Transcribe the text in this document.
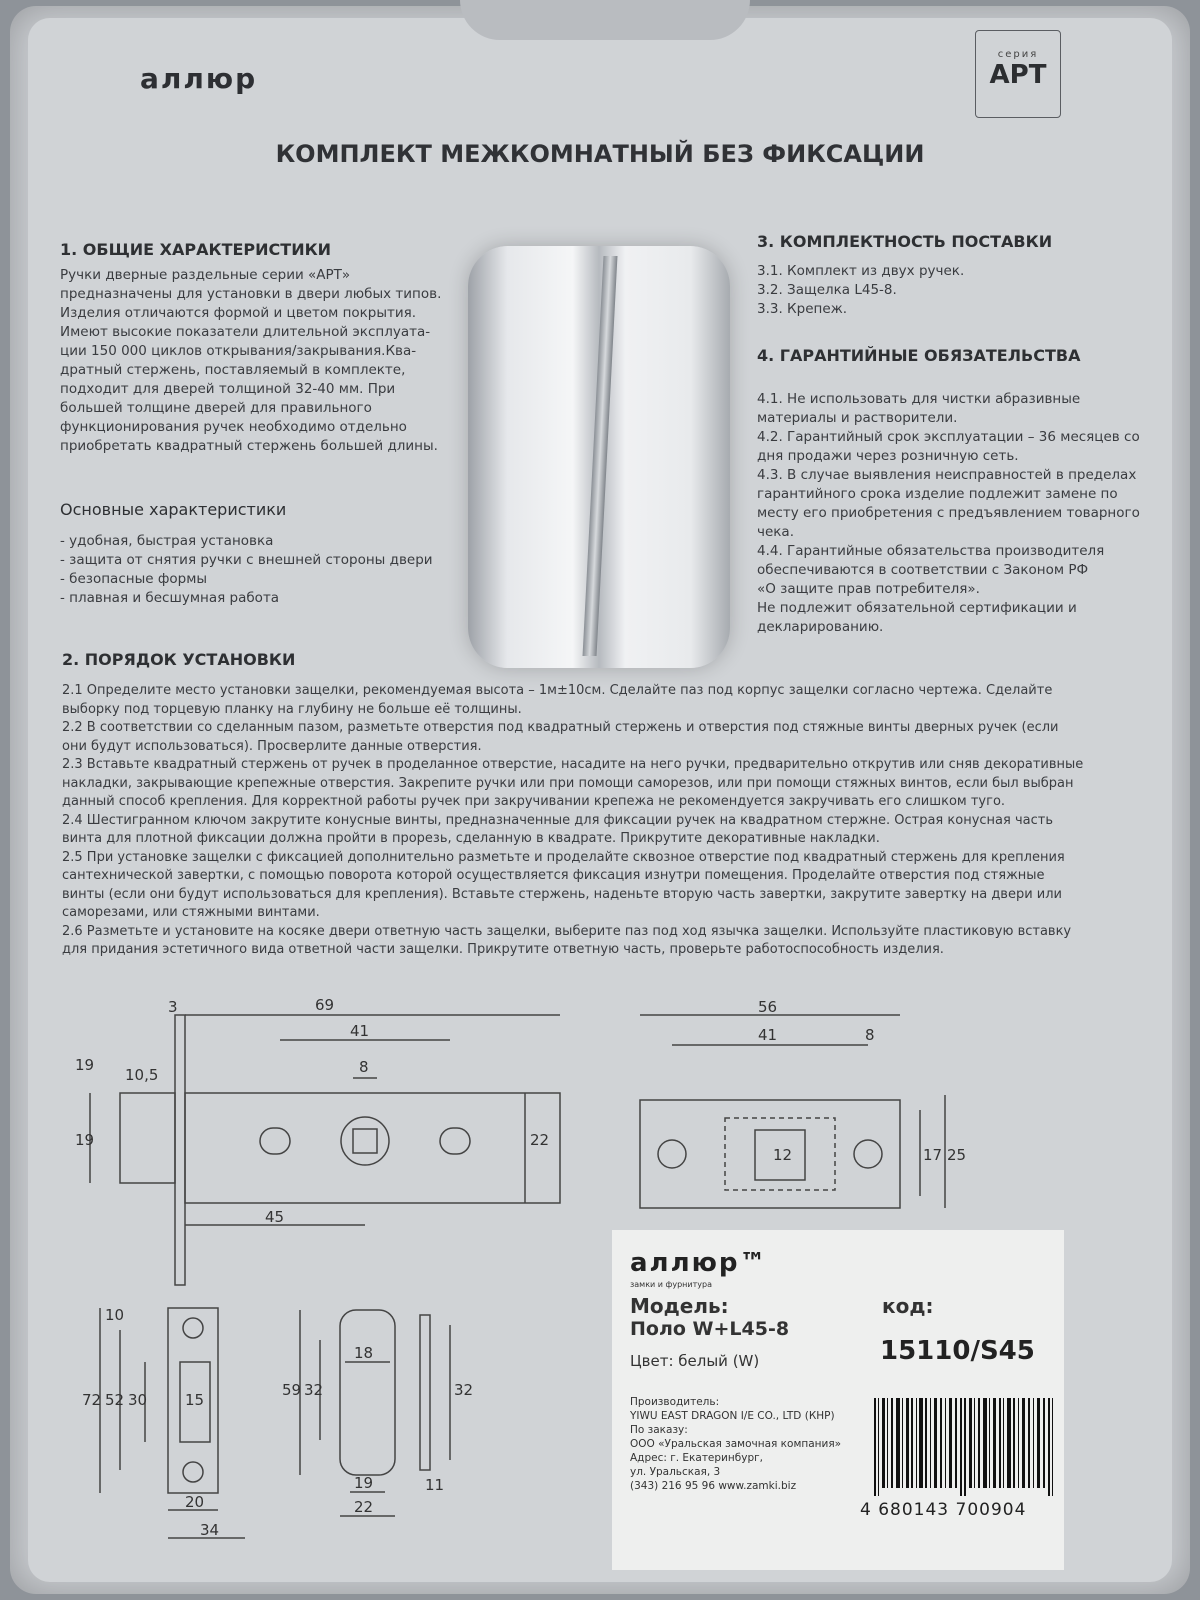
аллюр
серия
АРТ
КОМПЛЕКТ МЕЖКОМНАТНЫЙ БЕЗ ФИКСАЦИИ
1. ОБЩИЕ ХАРАКТЕРИСТИКИ
Ручки дверные раздельные серии «АРТ»
предназначены для установки в двери любых типов.
Изделия отличаются формой и цветом покрытия.
Имеют высокие показатели длительной эксплуата-
ции 150 000 циклов открывания/закрывания.Ква-
дратный стержень, поставляемый в комплекте,
подходит для дверей толщиной 32-40 мм. При
большей толщине дверей для правильного
функционирования ручек необходимо отдельно
приобретать квадратный стержень большей длины.
Основные характеристики
- удобная, быстрая установка
- защита от снятия ручки с внешней стороны двери
- безопасные формы
- плавная и бесшумная работа
3. КОМПЛЕКТНОСТЬ ПОСТАВКИ
3.1. Комплект из двух ручек.
3.2. Защелка L45-8.
3.3. Крепеж.
4. ГАРАНТИЙНЫЕ ОБЯЗАТЕЛЬСТВА
4.1. Не использовать для чистки абразивные
материалы и растворители.
4.2. Гарантийный срок эксплуатации – 36 месяцев со
дня продажи через розничную сеть.
4.3. В случае выявления неисправностей в пределах
гарантийного срока изделие подлежит замене по
месту его приобретения с предъявлением товарного
чека.
4.4. Гарантийные обязательства производителя
обеспечиваются в соответствии с Законом РФ
«О защите прав потребителя».
Не подлежит обязательной сертификации и
декларированию.
2. ПОРЯДОК УСТАНОВКИ
2.1 Определите место установки защелки, рекомендуемая высота – 1м±10см. Сделайте паз под корпус защелки согласно чертежа. Сделайте
выборку под торцевую планку на глубину не больше её толщины.
2.2 В соответствии со сделанным пазом, разметьте отверстия под квадратный стержень и отверстия под стяжные винты дверных ручек (если
они будут использоваться). Просверлите данные отверстия.
2.3 Вставьте квадратный стержень от ручек в проделанное отверстие, насадите на него ручки, предварительно открутив или сняв декоративные
накладки, закрывающие крепежные отверстия. Закрепите ручки или при помощи саморезов, или при помощи стяжных винтов, если был выбран
данный способ крепления. Для корректной работы ручек при закручивании крепежа не рекомендуется закручивать его слишком туго.
2.4 Шестигранном ключом закрутите конусные винты, предназначенные для фиксации ручек на квадратном стержне. Острая конусная часть
винта для плотной фиксации должна пройти в прорезь, сделанную в квадрате. Прикрутите декоративные накладки.
2.5 При установке защелки с фиксацией дополнительно разметьте и проделайте сквозное отверстие под квадратный стержень для крепления
сантехнической завертки, с помощью поворота которой осуществляется фиксация изнутри помещения. Проделайте отверстия под стяжные
винты (если они будут использоваться для крепления). Вставьте стержень, наденьте вторую часть завертки, закрутите завертку на двери или
саморезами, или стяжными винтами.
2.6 Разметьте и установите на косяке двери ответную часть защелки, выберите паз под ход язычка защелки. Используйте пластиковую вставку
для придания эстетичного вида ответной части защелки. Прикрутите ответную часть, проверьте работоспособность изделия.
3	69
41
8
19
19
10,5
22
45
56
41	8
12	17 25
72
10
52 30	15
20
34
59 32
18
19
22
32
11
аллюр™
замки и фурнитура
Модель:
Поло W+L45-8
код:
15110/S45
Цвет: белый (W)
Производитель:
YIWU EAST DRAGON I/E CO., LTD (КНР)
По заказу:
ООО «Уральская замочная компания»
Адрес: г. Екатеринбург,
ул. Уральская, 3
(343) 216 95 96 www.zamki.biz
4 680143 700904
